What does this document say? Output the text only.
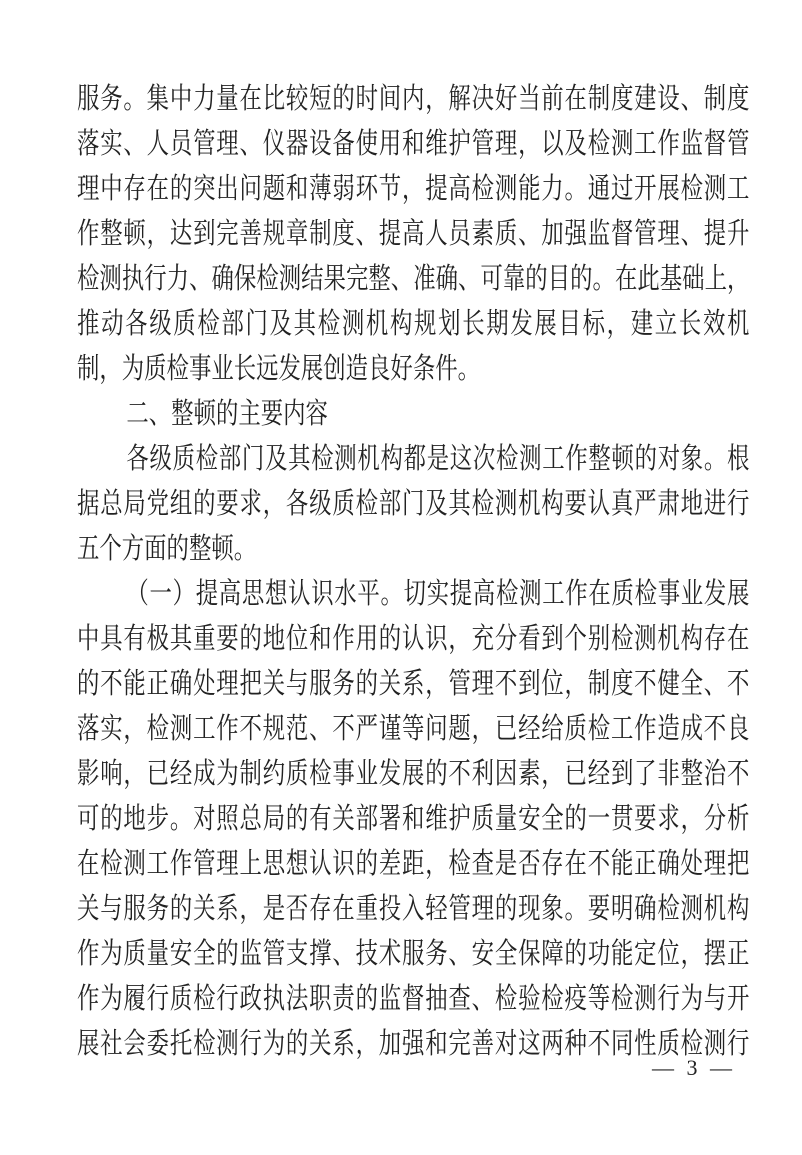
服务。集中力量在比较短的时间内，解决好当前在制度建设、制度
落实、人员管理、仪器设备使用和维护管理，以及检测工作监督管
理中存在的突出问题和薄弱环节，提高检测能力。通过开展检测工
作整顿，达到完善规章制度、提高人员素质、加强监督管理、提升
检测执行力、确保检测结果完整、准确、可靠的目的。在此基础上，
推动各级质检部门及其检测机构规划长期发展目标，建立长效机
制，为质检事业长远发展创造良好条件。
二、整顿的主要内容
各级质检部门及其检测机构都是这次检测工作整顿的对象。根
据总局党组的要求，各级质检部门及其检测机构要认真严肃地进行
五个方面的整顿。
（一）提高思想认识水平。切实提高检测工作在质检事业发展
中具有极其重要的地位和作用的认识，充分看到个别检测机构存在
的不能正确处理把关与服务的关系，管理不到位，制度不健全、不
落实，检测工作不规范、不严谨等问题，已经给质检工作造成不良
影响，已经成为制约质检事业发展的不利因素，已经到了非整治不
可的地步。对照总局的有关部署和维护质量安全的一贯要求，分析
在检测工作管理上思想认识的差距，检查是否存在不能正确处理把
关与服务的关系，是否存在重投入轻管理的现象。要明确检测机构
作为质量安全的监管支撑、技术服务、安全保障的功能定位，摆正
作为履行质检行政执法职责的监督抽查、检验检疫等检测行为与开
展社会委托检测行为的关系，加强和完善对这两种不同性质检测行
— 3 —
